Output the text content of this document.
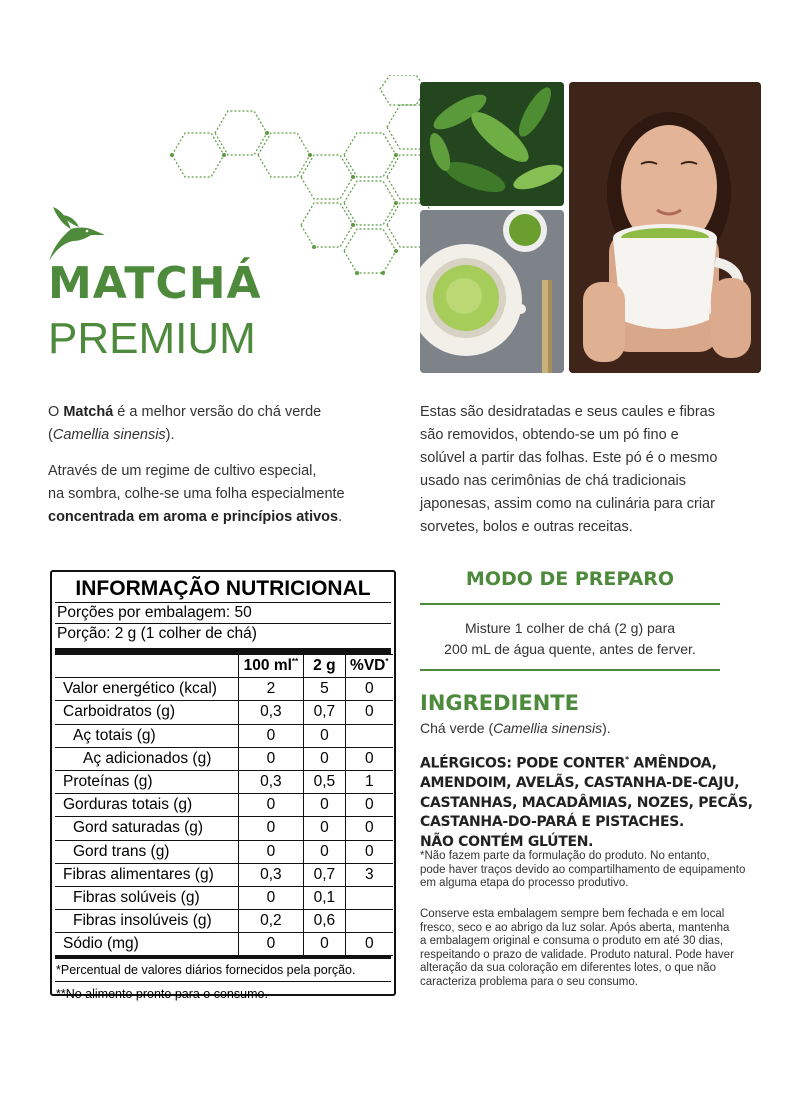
MATCHÁ
PREMIUM

O Matchá é a melhor versão do chá verde
(Camellia sinensis).

Através de um regime de cultivo especial,
na sombra, colhe-se uma folha especialmente
concentrada em aroma e princípios ativos.

Estas são desidratadas e seus caules e fibras
são removidos, obtendo-se um pó fino e
solúvel a partir das folhas. Este pó é o mesmo
usado nas cerimônias de chá tradicionais
japonesas, assim como na culinária para criar
sorvetes, bolos e outras receitas.

INFORMAÇÃO NUTRICIONAL
Porções por embalagem: 50
Porção: 2 g (1 colher de chá)
	100 ml**	2 g	%VD*
Valor energético (kcal)	2	5	0
Carboidratos (g)	0,3	0,7	0
Aç totais (g)	0	0	
Aç adicionados (g)	0	0	0
Proteínas (g)	0,3	0,5	1
Gorduras totais (g)	0	0	0
Gord saturadas (g)	0	0	0
Gord trans (g)	0	0	0
Fibras alimentares (g)	0,3	0,7	3
Fibras solúveis (g)	0	0,1	
Fibras insolúveis (g)	0,2	0,6	
Sódio (mg)	0	0	0
*Percentual de valores diários fornecidos pela porção.
**No alimento pronto para o consumo.
MODO DE PREPARO
Misture 1 colher de chá (2 g) para
200 mL de água quente, antes de ferver.
INGREDIENTE
Chá verde (Camellia sinensis).
ALÉRGICOS: PODE CONTER* AMÊNDOA,
AMENDOIM, AVELÃS, CASTANHA-DE-CAJU,
CASTANHAS, MACADÂMIAS, NOZES, PECÃS,
CASTANHA-DO-PARÁ E PISTACHES.
NÃO CONTÉM GLÚTEN.
*Não fazem parte da formulação do produto. No entanto,
pode haver traços devido ao compartilhamento de equipamento
em alguma etapa do processo produtivo.
Conserve esta embalagem sempre bem fechada e em local
fresco, seco e ao abrigo da luz solar. Após aberta, mantenha
a embalagem original e consuma o produto em até 30 dias,
respeitando o prazo de validade. Produto natural. Pode haver
alteração da sua coloração em diferentes lotes, o que não
caracteriza problema para o seu consumo.
